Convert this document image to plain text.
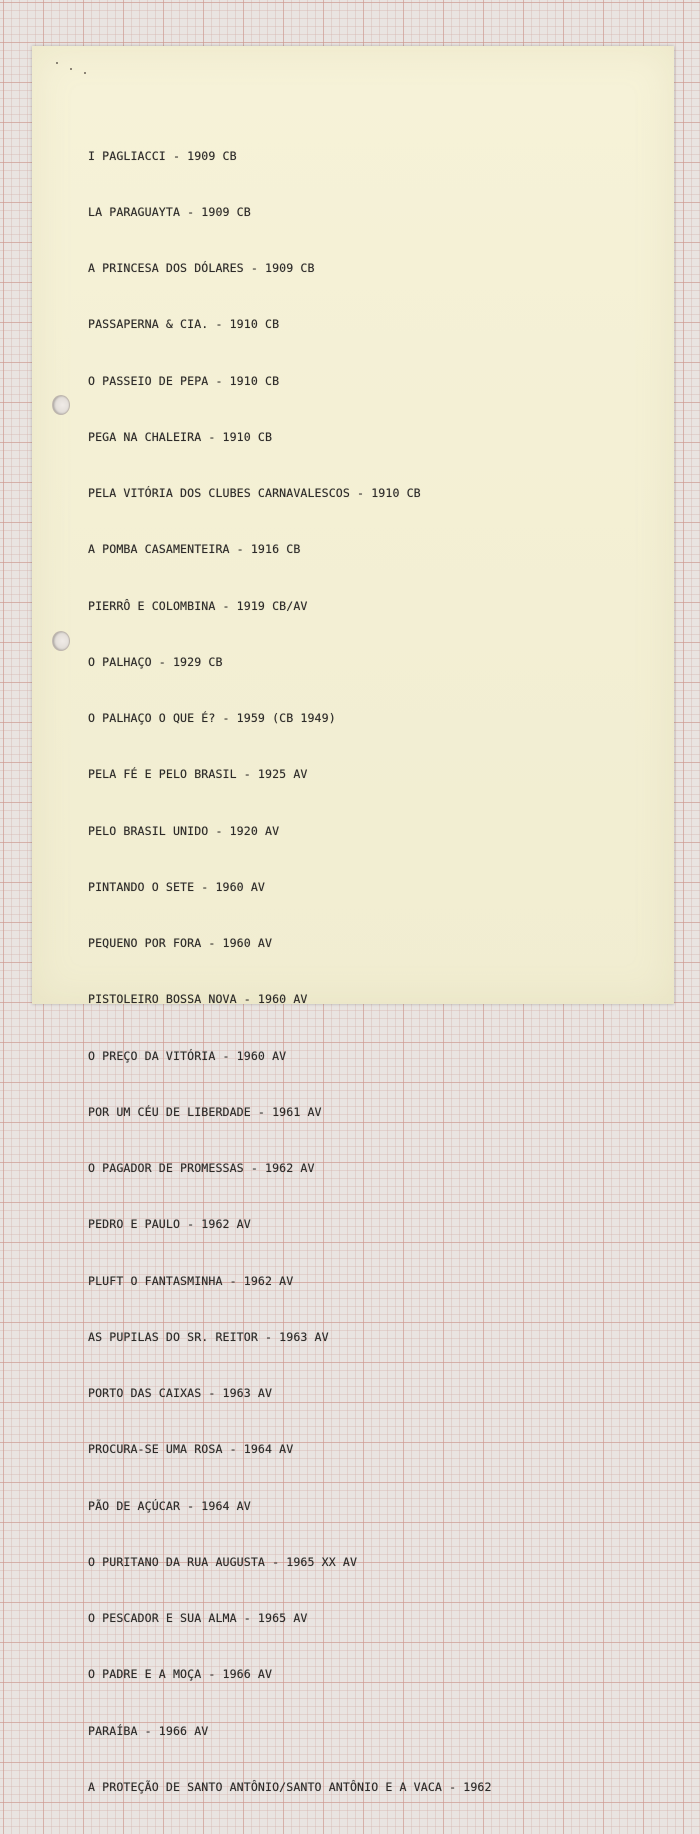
I PAGLIACCI - 1909 CB

LA PARAGUAYTA - 1909 CB

A PRINCESA DOS DÓLARES - 1909 CB

PASSAPERNA & CIA. - 1910 CB

O PASSEIO DE PEPA - 1910 CB

PEGA NA CHALEIRA - 1910 CB

PELA VITÓRIA DOS CLUBES CARNAVALESCOS - 1910 CB

A POMBA CASAMENTEIRA - 1916 CB

PIERRÔ E COLOMBINA - 1919 CB/AV

O PALHAÇO - 1929 CB

O PALHAÇO O QUE É? - 1959 (CB 1949)

PELA FÉ E PELO BRASIL - 1925 AV

PELO BRASIL UNIDO - 1920 AV

PINTANDO O SETE - 1960 AV

PEQUENO POR FORA - 1960 AV

PISTOLEIRO BOSSA NOVA - 1960 AV

O PREÇO DA VITÓRIA - 1960 AV

POR UM CÉU DE LIBERDADE - 1961 AV

O PAGADOR DE PROMESSAS - 1962 AV

PEDRO E PAULO - 1962 AV

PLUFT O FANTASMINHA - 1962 AV

AS PUPILAS DO SR. REITOR - 1963 AV

PORTO DAS CAIXAS - 1963 AV

PROCURA-SE UMA ROSA - 1964 AV

PÃO DE AÇÚCAR - 1964 AV

O PURITANO DA RUA AUGUSTA - 1965 XX AV

O PESCADOR E SUA ALMA - 1965 AV

O PADRE E A MOÇA - 1966 AV

PARAÍBA - 1966 AV

A PROTEÇÃO DE SANTO ANTÔNIO/SANTO ANTÔNIO E A VACA - 1962
